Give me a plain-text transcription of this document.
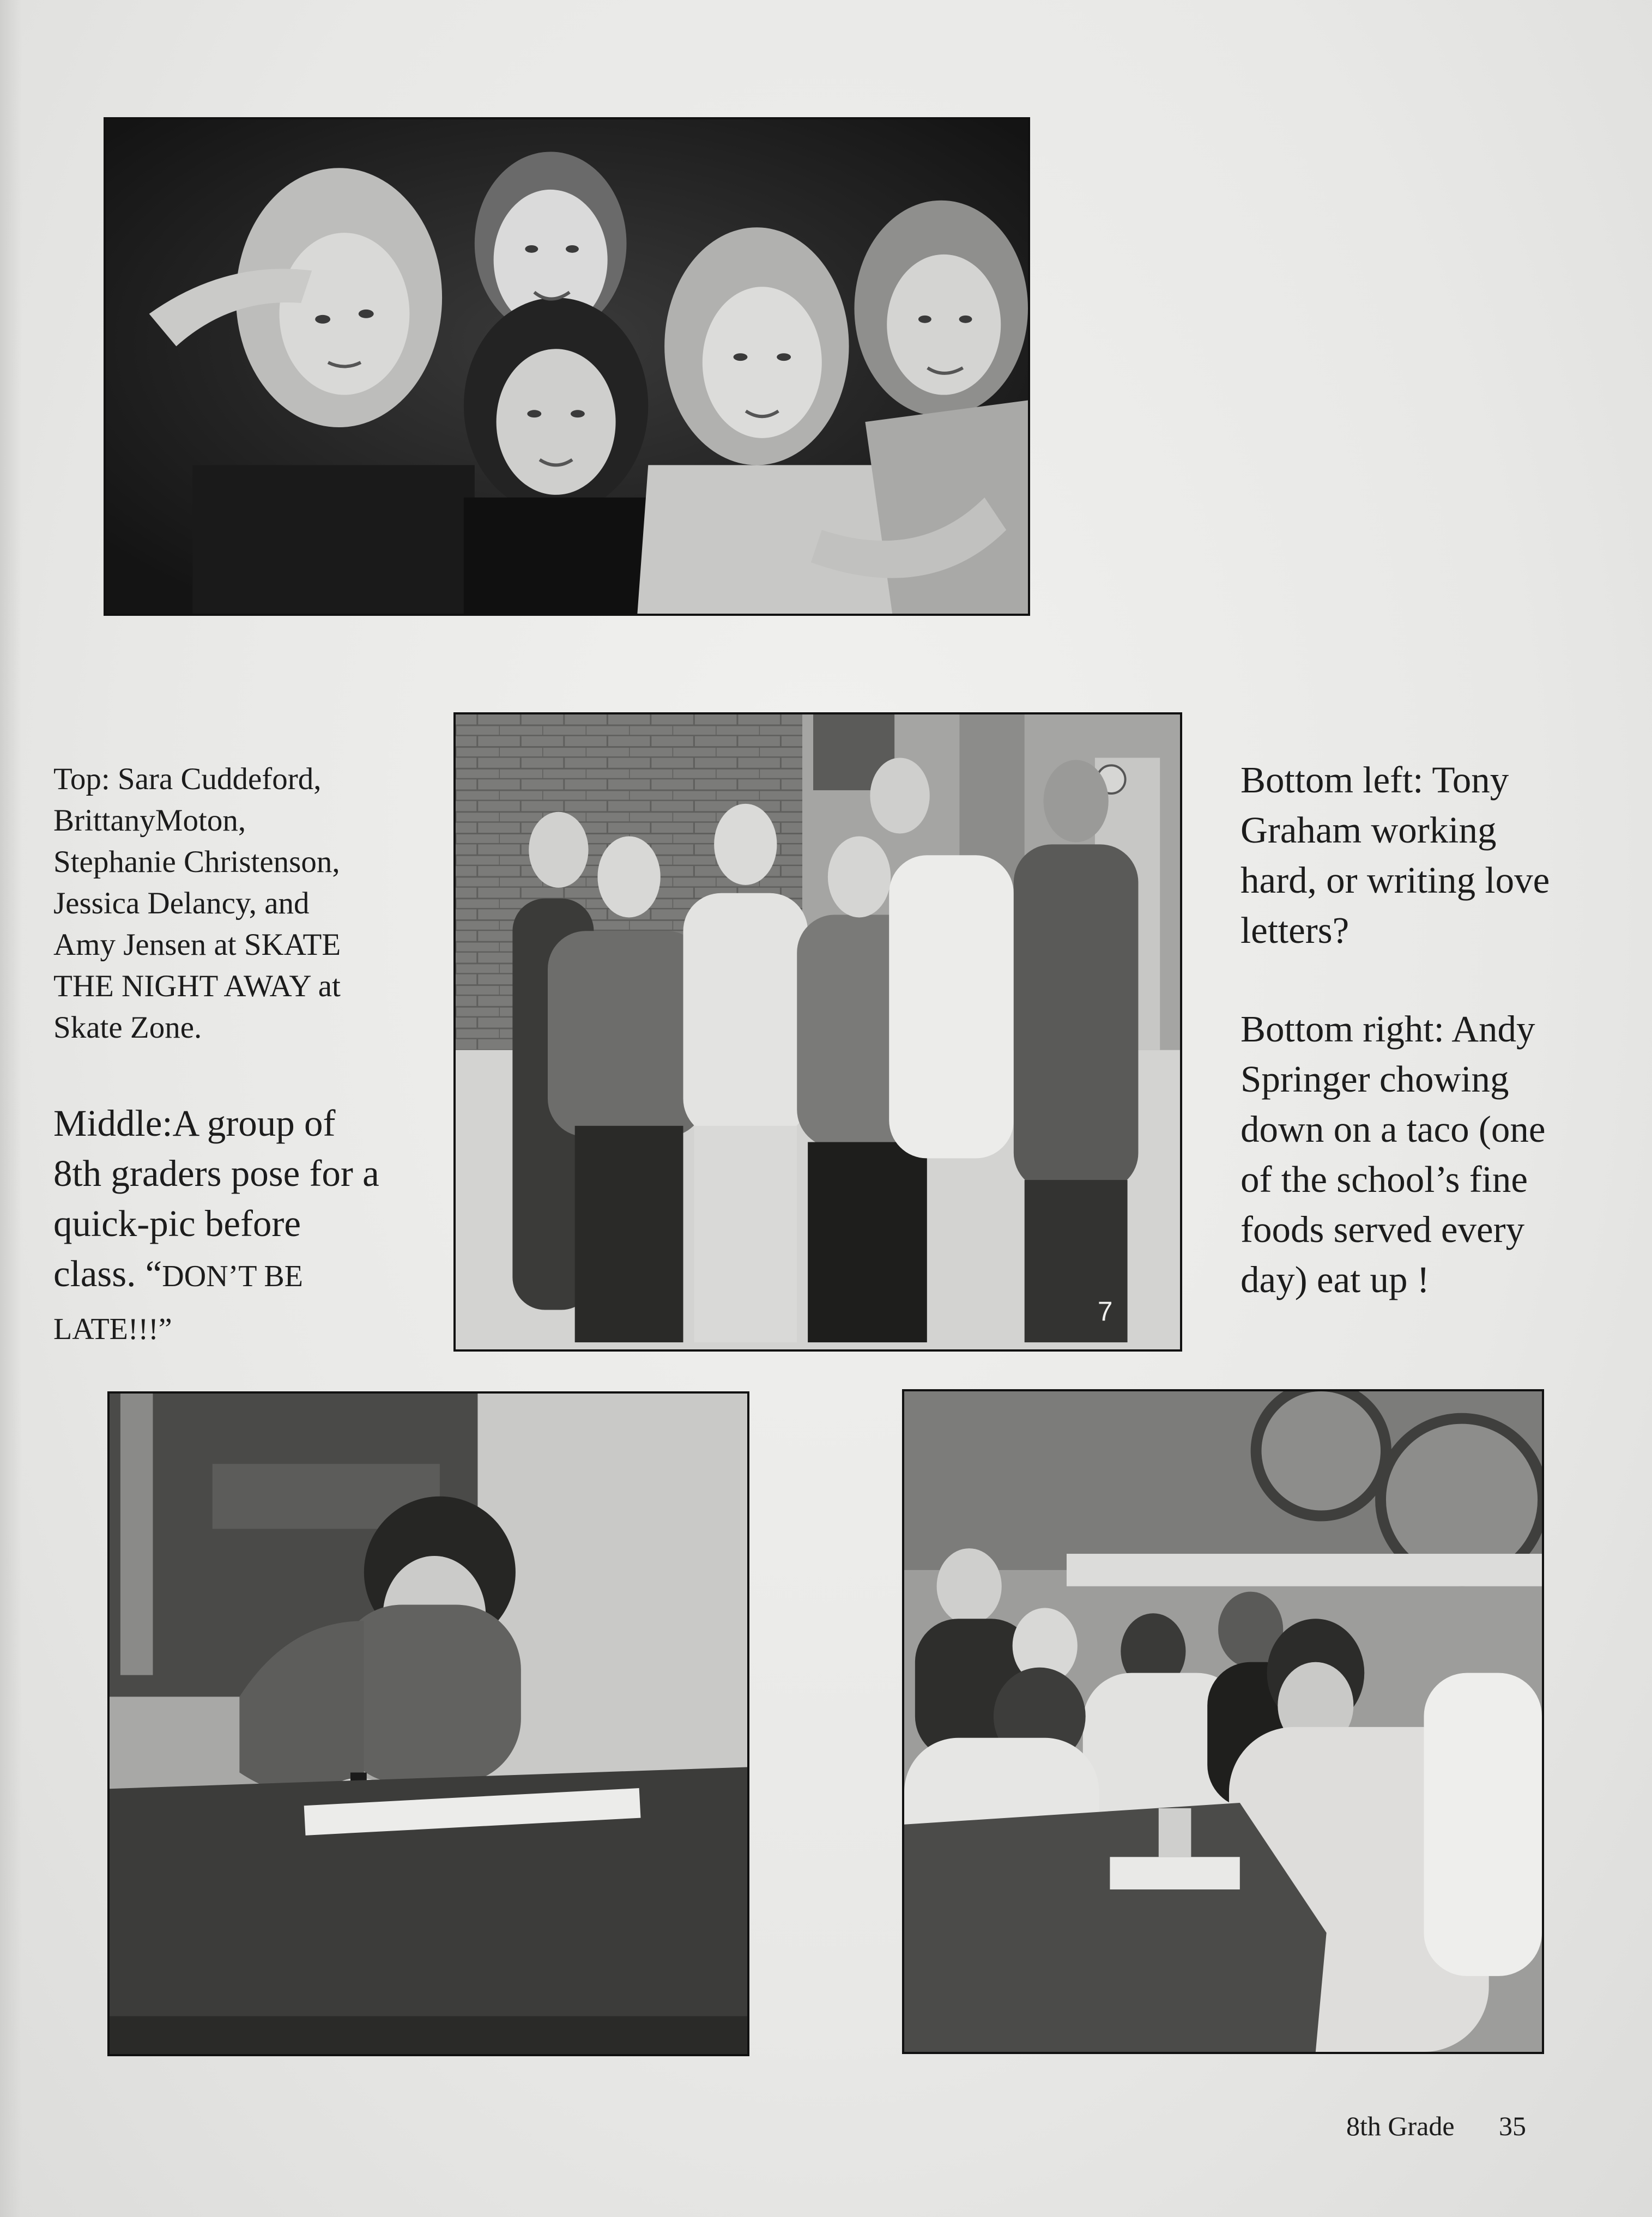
7
Top: Sara Cuddeford,
BrittanyMoton,
Stephanie Christenson,
Jessica Delancy, and
Amy Jensen at SKATE
THE NIGHT AWAY at
Skate Zone.
Middle:A group of
8th graders pose for a
quick-pic before
class. “DON’T BE
LATE!!!”
Bottom left: Tony
Graham working
hard, or writing love
letters?
Bottom right: Andy
Springer chowing
down on a taco (one
of the school’s fine
foods served every
day) eat up !
8th Grade 35
